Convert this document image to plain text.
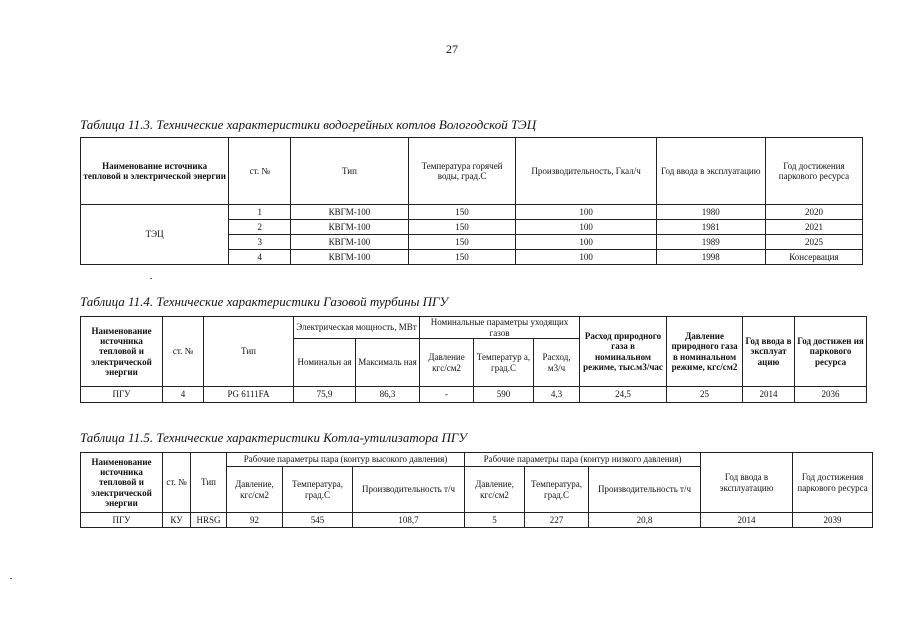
27
Таблица 11.3. Технические характеристики водогрейных котлов Вологодской ТЭЦ
Наименование источника тепловой и электрической энергии	ст. №	Тип	Температура горячей воды, град.С	Производительность, Гкал/ч	Год ввода в эксплуатацию	Год достижения паркового ресурса
ТЭЦ	1	КВГМ-100	150	100	1980	2020
	2	КВГМ-100	150	100	1981	2021
	3	КВГМ-100	150	100	1989	2025
	4	КВГМ-100	150	100	1998	Консервация
Таблица 11.4. Технические характеристики Газовой турбины ПГУ
Наименование источника тепловой и электрической энергии	ст. №	Тип	Электрическая мощность, МВт		Номинальные параметры уходящих газов			Расход природного газа в номинальном режиме, тыс.м3/час	Давление природного газа в номинальном режиме, кгс/см2	Год ввода в эксплуат ацию	Год достижен ия паркового ресурса
			Номинальн ая	Максималь ная	Давление кгс/см2	Температур а, град.С	Расход, м3/ч				
ПГУ	4	PG 6111FA	75,9	86,3	-	590	4,3	24,5	25	2014	2036
Таблица 11.5. Технические характеристики Котла-утилизатора ПГУ
Наименование источника тепловой и электрической энергии	ст. №	Тип	Рабочие параметры пара (контур высокого давления)			Рабочие параметры пара (контур низкого давления)			Год ввода в эксплуатацию	Год достижения паркового ресурса
			Давление, кгс/см2	Температура, град.С	Производительность т/ч	Давление, кгс/см2	Температура, град.С	Производительность т/ч		
ПГУ	КУ	HRSG	92	545	108,7	5	227	20,8	2014	2039
